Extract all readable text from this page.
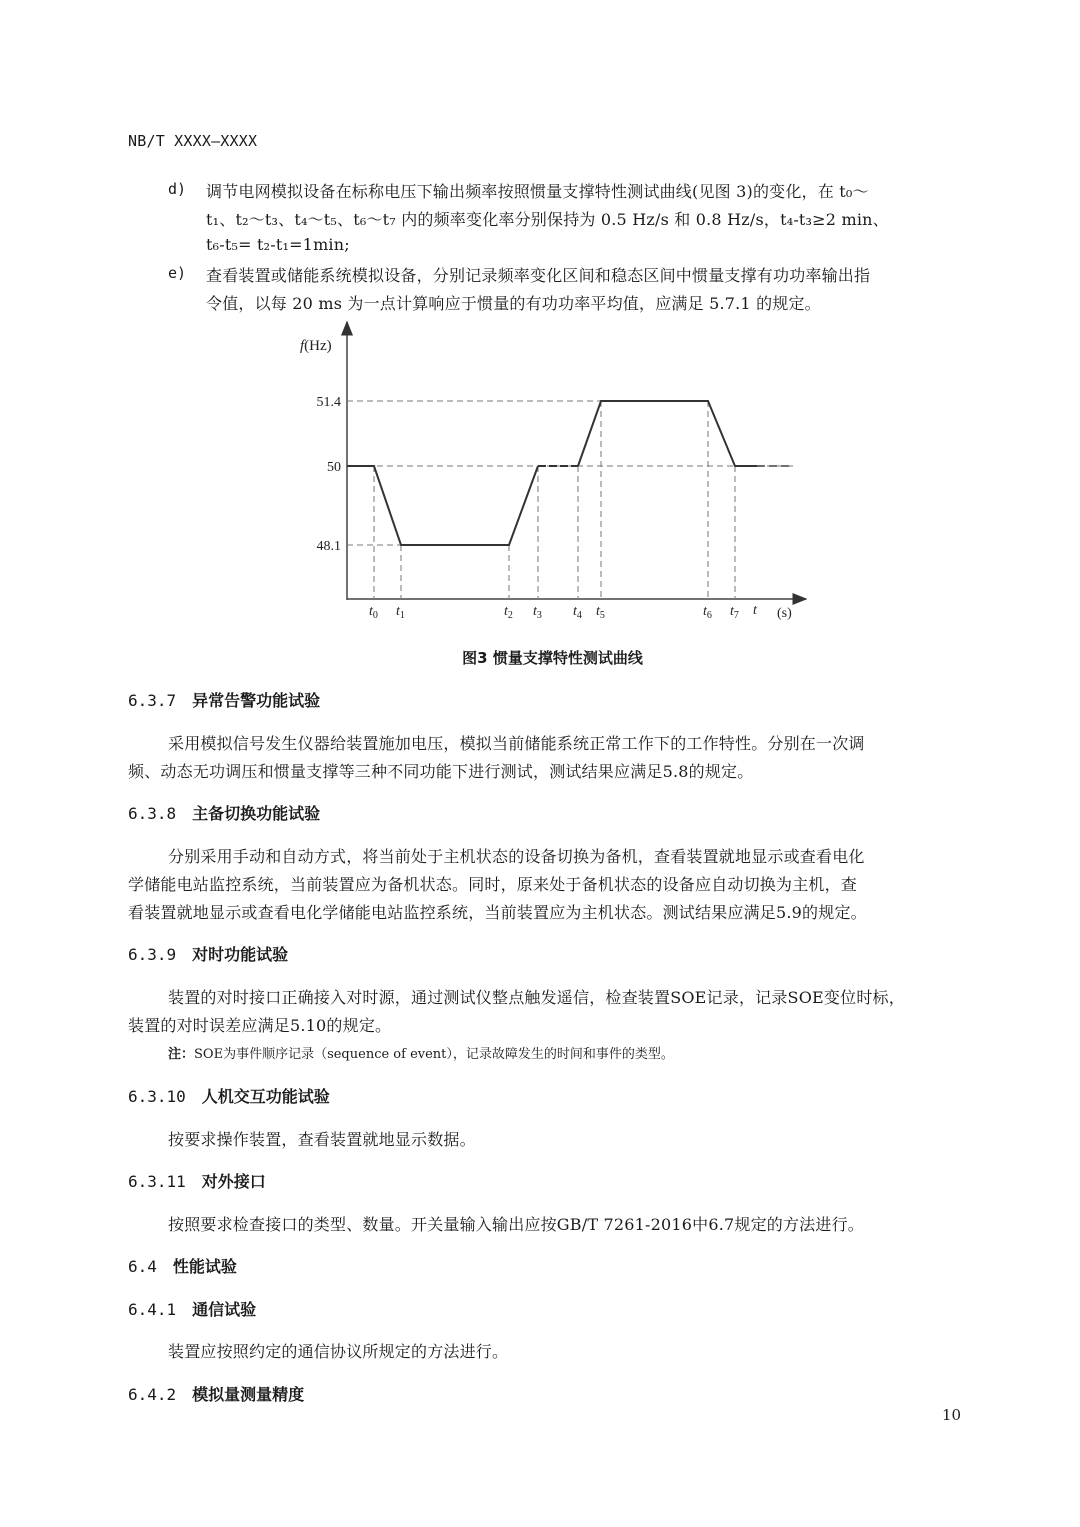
NB/T XXXX—XXXX
d) 调节电网模拟设备在标称电压下输出频率按照惯量支撑特性测试曲线(见图 3)的变化，在 t₀～
t₁、t₂～t₃、t₄～t₅、t₆～t₇ 内的频率变化率分别保持为 0.5 Hz/s 和 0.8 Hz/s，t₄-t₃≥2 min、
t₆-t₅= t₂-t₁=1min;
e) 查看装置或储能系统模拟设备，分别记录频率变化区间和稳态区间中惯量支撑有功功率输出指
令值，以每 20 ms 为一点计算响应于惯量的有功功率平均值，应满足 5.7.1 的规定。
f(Hz)
51.4
50
48.1
$t_0$ $t_1$	$t_2$ $t_3$ $t_4$ $t_5$	$t_6$ $t_7$ t (s)
图3 惯量支撑特性测试曲线
6.3.7 异常告警功能试验
采用模拟信号发生仪器给装置施加电压，模拟当前储能系统正常工作下的工作特性。分别在一次调
频、动态无功调压和惯量支撑等三种不同功能下进行测试，测试结果应满足5.8的规定。
6.3.8 主备切换功能试验
分别采用手动和自动方式，将当前处于主机状态的设备切换为备机，查看装置就地显示或查看电化
学储能电站监控系统，当前装置应为备机状态。同时，原来处于备机状态的设备应自动切换为主机，查
看装置就地显示或查看电化学储能电站监控系统，当前装置应为主机状态。测试结果应满足5.9的规定。
6.3.9 对时功能试验
装置的对时接口正确接入对时源，通过测试仪整点触发遥信，检查装置SOE记录，记录SOE变位时标，
装置的对时误差应满足5.10的规定。
注：SOE为事件顺序记录（sequence of event），记录故障发生的时间和事件的类型。
6.3.10 人机交互功能试验
按要求操作装置，查看装置就地显示数据。
6.3.11 对外接口
按照要求检查接口的类型、数量。开关量输入输出应按GB/T 7261-2016中6.7规定的方法进行。
6.4 性能试验
6.4.1 通信试验
装置应按照约定的通信协议所规定的方法进行。
6.4.2 模拟量测量精度
10
